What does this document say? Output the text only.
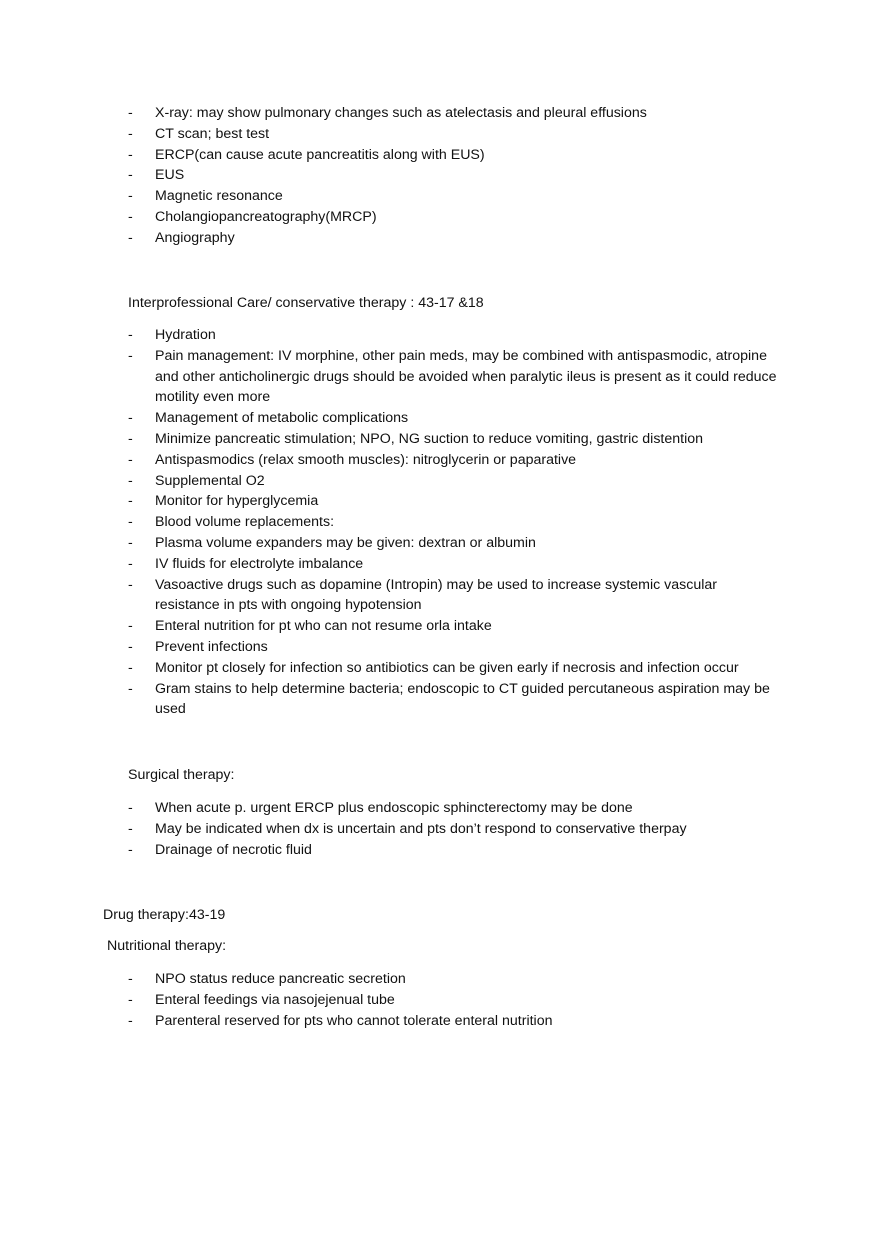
- X-ray: may show pulmonary changes such as atelectasis and pleural effusions
- CT scan; best test
- ERCP(can cause acute pancreatitis along with EUS)
- EUS
- Magnetic resonance
- Cholangiopancreatography(MRCP)
- Angiography
Interprofessional Care/ conservative therapy : 43-17 &18
- Hydration
- Pain management: IV morphine, other pain meds, may be combined with antispasmodic, atropine and other anticholinergic drugs should be avoided when paralytic ileus is present as it could reduce motility even more
- Management of metabolic complications
- Minimize pancreatic stimulation; NPO, NG suction to reduce vomiting, gastric distention
- Antispasmodics (relax smooth muscles): nitroglycerin or paparative
- Supplemental O2
- Monitor for hyperglycemia
- Blood volume replacements:
- Plasma volume expanders may be given: dextran or albumin
- IV fluids for electrolyte imbalance
- Vasoactive drugs such as dopamine (Intropin) may be used to increase systemic vascular resistance in pts with ongoing hypotension
- Enteral nutrition for pt who can not resume orla intake
- Prevent infections
- Monitor pt closely for infection so antibiotics can be given early if necrosis and infection occur
- Gram stains to help determine bacteria; endoscopic to CT guided percutaneous aspiration may be used
Surgical therapy:
- When acute p. urgent ERCP plus endoscopic sphincterectomy may be done
- May be indicated when dx is uncertain and pts don’t respond to conservative therpay
- Drainage of necrotic fluid
Drug therapy:43-19
Nutritional therapy:
- NPO status reduce pancreatic secretion
- Enteral feedings via nasojejenual tube
- Parenteral reserved for pts who cannot tolerate enteral nutrition
